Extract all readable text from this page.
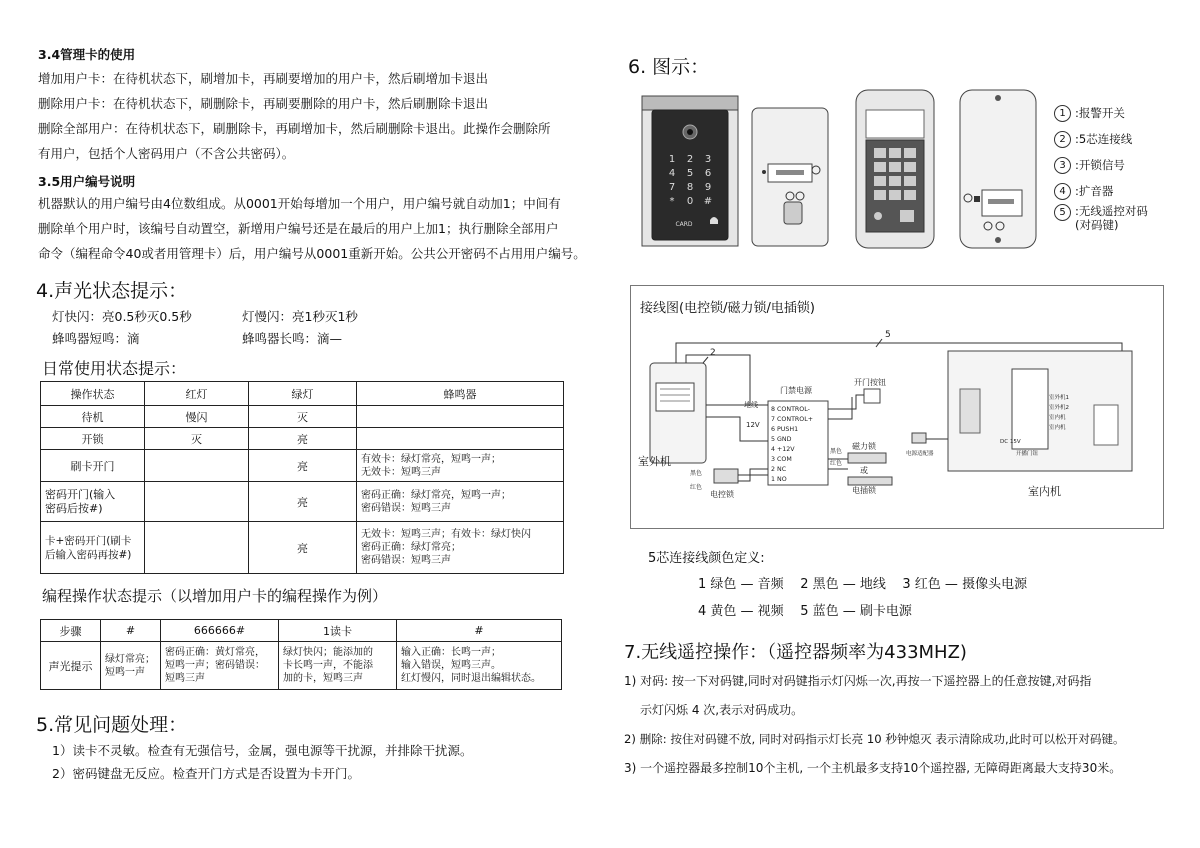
3.4管理卡的使用
增加用户卡：在待机状态下，刷增加卡，再刷要增加的用户卡，然后刷增加卡退出
删除用户卡：在待机状态下，刷删除卡，再刷要删除的用户卡，然后刷删除卡退出
删除全部用户：在待机状态下，刷删除卡，再刷增加卡，然后刷删除卡退出。此操作会删除所
有用户，包括个人密码用户（不含公共密码）。
3.5用户编号说明
机器默认的用户编号由4位数组成。从0001开始每增加一个用户，用户编号就自动加1；中间有
删除单个用户时，该编号自动置空，新增用户编号还是在最后的用户上加1；执行删除全部用户
命令（编程命令40或者用管理卡）后，用户编号从0001重新开始。公共公开密码不占用用户编号。
4.声光状态提示：
灯快闪：亮0.5秒灭0.5秒	灯慢闪：亮1秒灭1秒
蜂鸣器短鸣：滴	蜂鸣器长鸣：滴—
日常使用状态提示：
操作状态	红灯	绿灯	蜂鸣器
待机	慢闪	灭	
开锁	灭	亮	
刷卡开门		亮	有效卡：绿灯常亮，短鸣一声；
无效卡：短鸣三声
密码开门(输入
密码后按#)		亮	密码正确：绿灯常亮，短鸣一声；
密码错误：短鸣三声
卡+密码开门(刷卡
后输入密码再按#)		亮	无效卡：短鸣三声；有效卡：绿灯快闪
密码正确：绿灯常亮；
密码错误：短鸣三声
编程操作状态提示（以增加用户卡的编程操作为例）
步骤	#	666666#	1读卡	#
声光提示	绿灯常亮；
短鸣一声	密码正确：黄灯常亮，
短鸣一声；密码错误：
短鸣三声	绿灯快闪；能添加的
卡长鸣一声，不能添
加的卡，短鸣三声	输入正确：长鸣一声；
输入错误，短鸣三声。
红灯慢闪，同时退出编辑状态。
5.常见问题处理：
1）读卡不灵敏。检查有无强信号，金属，强电源等干扰源，并排除干扰源。
2）密码键盘无反应。检查开门方式是否设置为卡开门。
6. 图示：
1 2 3
4 5 6
7 8 9
* 0 #
CARD
1 :报警开关
2 :5芯连接线
3 :开锁信号
4 :扩音器
5 :无线遥控对码
(对码键)
接线图(电控锁/磁力锁/电插锁)
室外机
5
2
门禁电源
8 CONTROL-
7 CONTROL+
6 PUSH1
5 GND
4 +12V
3 COM
2 NC
1 NO
地线
12V
开门按钮
磁力锁
或
电插锁
黑色
红色
电控锁
黑色
红色
室外机1
室外机2
室内机
室内机
开播门钮
DC 15V
室内机
电源适配器
5芯连接线颜色定义:
1 绿色 — 音频    2 黑色 — 地线    3 红色 — 摄像头电源
4 黄色 — 视频    5 蓝色 — 刷卡电源
7.无线遥控操作：（遥控器频率为433MHZ)
1) 对码: 按一下对码键,同时对码键指示灯闪烁一次,再按一下遥控器上的任意按键,对码指
示灯闪烁 4 次,表示对码成功。
2) 删除: 按住对码键不放, 同时对码指示灯长亮 10 秒钟熄灭 表示清除成功,此时可以松开对码键。
3) 一个遥控器最多控制10个主机, 一个主机最多支持10个遥控器, 无障碍距离最大支持30米。
